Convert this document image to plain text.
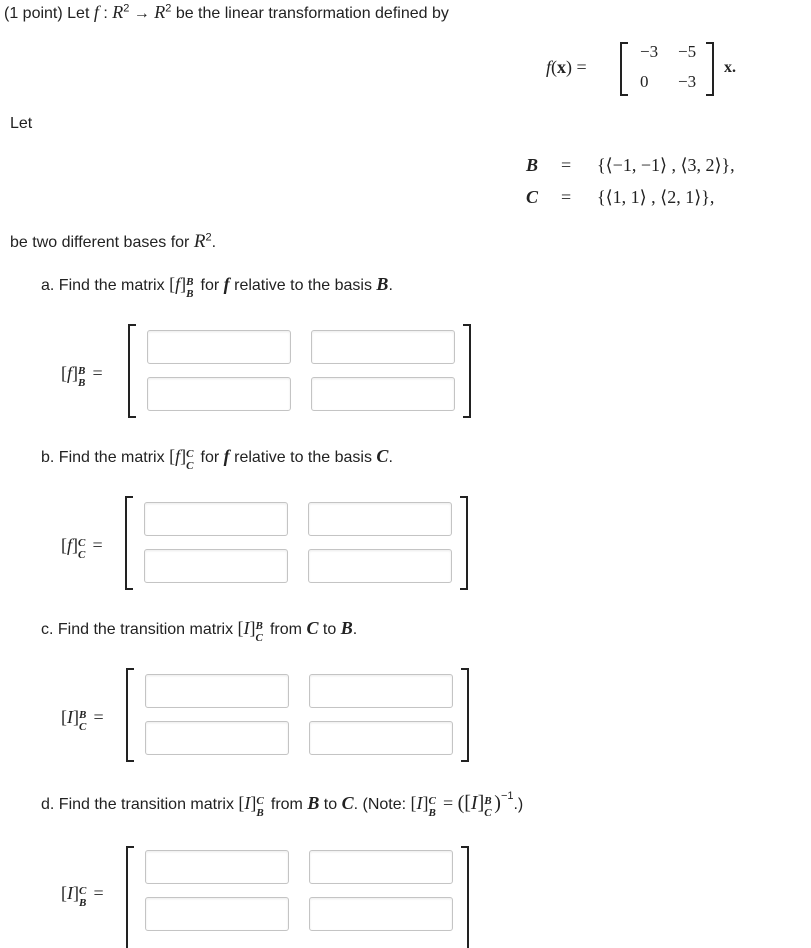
(1 point) Let f : $R^2 \to R^2$ be the linear transformation defined by
f(x) =
−3 −5
0 −3
x.
Let
B = {⟨−1, −1⟩ , ⟨3, 2⟩},
C = {⟨1, 1⟩ , ⟨2, 1⟩},
be two different bases for $R^2$.
a. Find the matrix [f] B
B for f relative to the basis B.
[f] B
B =
b. Find the matrix [f] C
C for f relative to the basis C.
[f] C
C =
c. Find the transition matrix [I] B
C from C to B.
[I] B
C =
d. Find the transition matrix [I] C
B from B to C. (Note: [I] C
B = ([I] B
C )$^{-1}$.)
[I] C
B =
